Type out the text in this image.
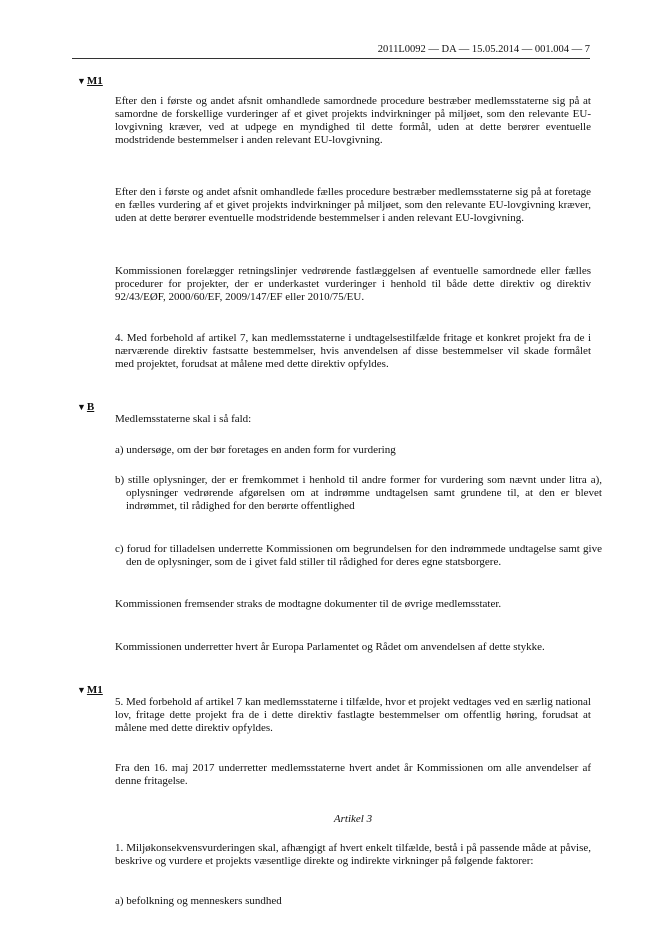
2011L0092 — DA — 15.05.2014 — 001.004 — 7
▼M1

Efter den i første og andet afsnit omhandlede samordnede procedure bestræber medlemsstaterne sig på at samordne de forskellige vurderinger af et givet projekts indvirkninger på miljøet, som den relevante EU-lovgivning kræver, ved at udpege en myndighed til dette formål, uden at dette berører eventuelle modstridende bestemmelser i anden relevant EU-lovgivning.

Efter den i første og andet afsnit omhandlede fælles procedure bestræber medlemsstaterne sig på at foretage en fælles vurdering af et givet projekts indvirkninger på miljøet, som den relevante EU-lovgivning kræver, uden at dette berører eventuelle modstridende bestemmelser i anden relevant EU-lovgivning.

Kommissionen forelægger retningslinjer vedrørende fastlæggelsen af eventuelle samordnede eller fælles procedurer for projekter, der er underkastet vurderinger i henhold til både dette direktiv og direktiv 92/43/EØF, 2000/60/EF, 2009/147/EF eller 2010/75/EU.

4. Med forbehold af artikel 7, kan medlemsstaterne i undtagelsestilfælde fritage et konkret projekt fra de i nærværende direktiv fastsatte bestemmelser, hvis anvendelsen af disse bestemmelser vil skade formålet med projektet, forudsat at målene med dette direktiv opfyldes.

▼B

Medlemsstaterne skal i så fald:

a) undersøge, om der bør foretages en anden form for vurdering

b) stille oplysninger, der er fremkommet i henhold til andre former for vurdering som nævnt under litra a), oplysninger vedrørende afgørelsen om at indrømme undtagelsen samt grundene til, at den er blevet indrømmet, til rådighed for den berørte offentlighed

c) forud for tilladelsen underrette Kommissionen om begrundelsen for den indrømmede undtagelse samt give den de oplysninger, som de i givet fald stiller til rådighed for deres egne statsborgere.

Kommissionen fremsender straks de modtagne dokumenter til de øvrige medlemsstater.

Kommissionen underretter hvert år Europa Parlamentet og Rådet om anvendelsen af dette stykke.

▼M1

5. Med forbehold af artikel 7 kan medlemsstaterne i tilfælde, hvor et projekt vedtages ved en særlig national lov, fritage dette projekt fra de i dette direktiv fastlagte bestemmelser om offentlig høring, forudsat at målene med dette direktiv opfyldes.

Fra den 16. maj 2017 underretter medlemsstaterne hvert andet år Kommissionen om alle anvendelser af denne fritagelse.

Artikel 3

1. Miljøkonsekvensvurderingen skal, afhængigt af hvert enkelt tilfælde, bestå i på passende måde at påvise, beskrive og vurdere et projekts væsentlige direkte og indirekte virkninger på følgende faktorer:

a) befolkning og menneskers sundhed
